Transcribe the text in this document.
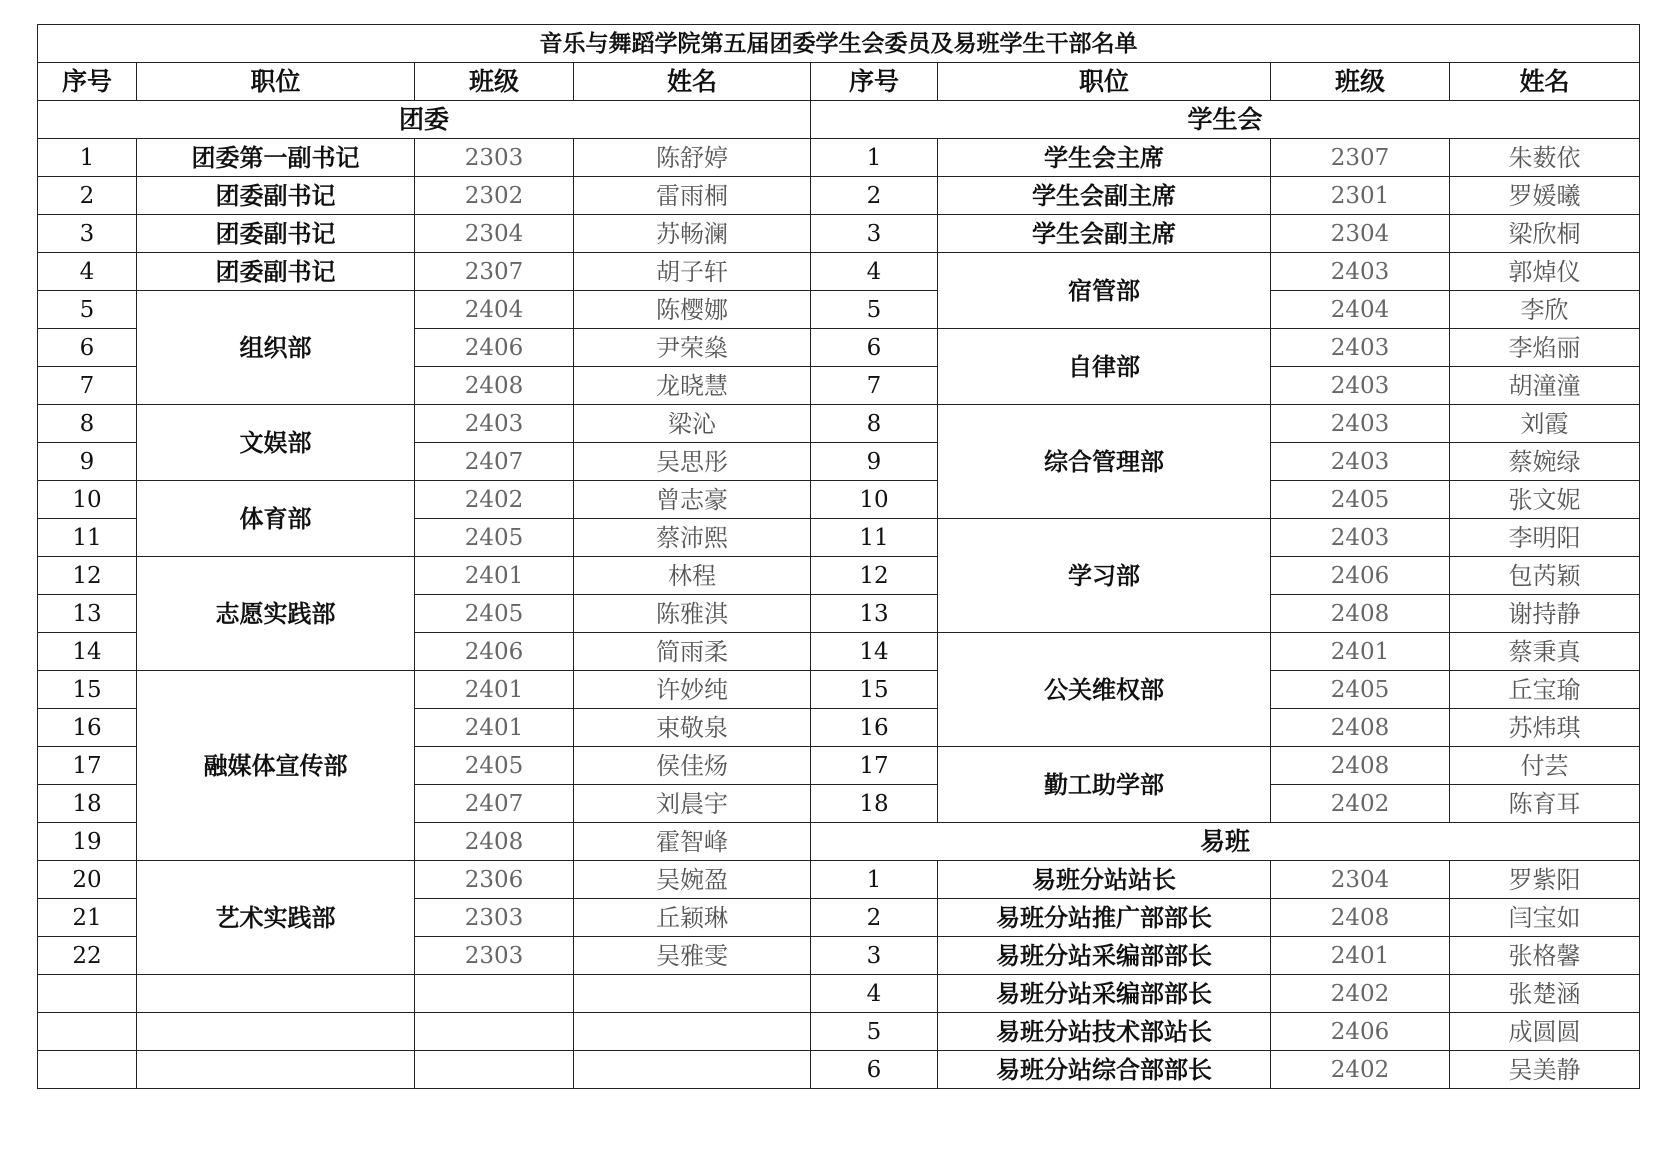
音乐与舞蹈学院第五届团委学生会委员及易班学生干部名单							
序号	职位	班级	姓名	序号	职位	班级	姓名
团委				学生会			
1	团委第一副书记	2303	陈舒婷	1	学生会主席	2307	朱薮依
2	团委副书记	2302	雷雨桐	2	学生会副主席	2301	罗媛曦
3	团委副书记	2304	苏畅澜	3	学生会副主席	2304	梁欣桐
4	团委副书记	2307	胡子轩	4	宿管部	2403	郭焯仪
5	组织部	2404	陈樱娜	5		2404	李欣
6		2406	尹荣燊	6	自律部	2403	李焰丽
7		2408	龙晓慧	7		2403	胡潼潼
8	文娱部	2403	梁沁	8	综合管理部	2403	刘霞
9		2407	吴思彤	9		2403	蔡婉绿
10	体育部	2402	曾志豪	10		2405	张文妮
11		2405	蔡沛熙	11	学习部	2403	李明阳
12	志愿实践部	2401	林程	12		2406	包芮颖
13		2405	陈雅淇	13		2408	谢持静
14		2406	简雨柔	14	公关维权部	2401	蔡秉真
15	融媒体宣传部	2401	许妙纯	15		2405	丘宝瑜
16		2401	束敬泉	16		2408	苏炜琪
17		2405	侯佳炀	17	勤工助学部	2408	付芸
18		2407	刘晨宇	18		2402	陈育耳
19		2408	霍智峰	易班			
20	艺术实践部	2306	吴婉盈	1	易班分站站长	2304	罗紫阳
21		2303	丘颖琳	2	易班分站推广部部长	2408	闫宝如
22		2303	吴雅雯	3	易班分站采编部部长	2401	张格馨
				4	易班分站采编部部长	2402	张楚涵
				5	易班分站技术部站长	2406	成圆圆
				6	易班分站综合部部长	2402	吴美静
